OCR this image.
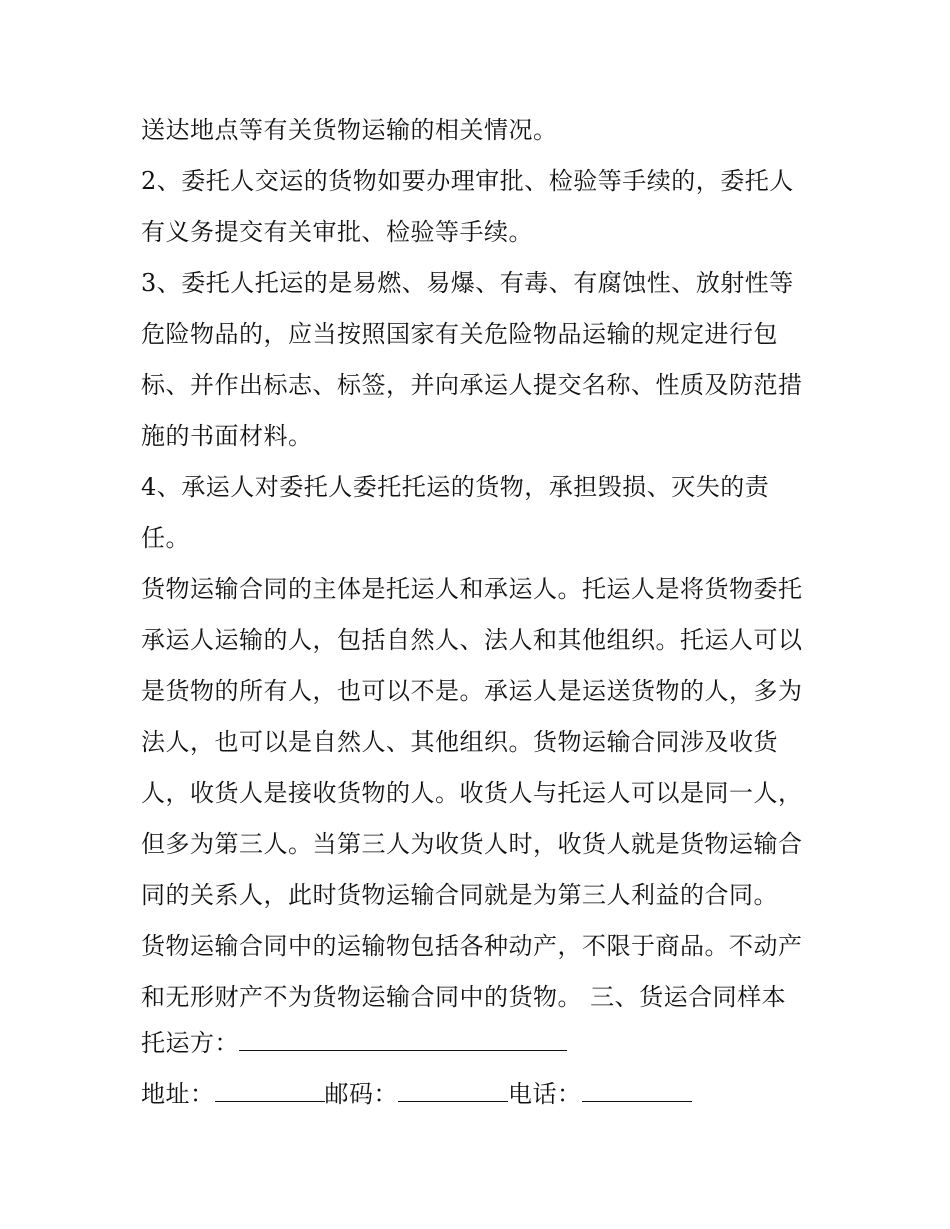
送达地点等有关货物运输的相关情况。
2、委托人交运的货物如要办理审批、检验等手续的，委托人
有义务提交有关审批、检验等手续。
3、委托人托运的是易燃、易爆、有毒、有腐蚀性、放射性等
危险物品的，应当按照国家有关危险物品运输的规定进行包
标、并作出标志、标签，并向承运人提交名称、性质及防范措
施的书面材料。
4、承运人对委托人委托托运的货物，承担毁损、灭失的责
任。
货物运输合同的主体是托运人和承运人。托运人是将货物委托
承运人运输的人，包括自然人、法人和其他组织。托运人可以
是货物的所有人，也可以不是。承运人是运送货物的人，多为
法人，也可以是自然人、其他组织。货物运输合同涉及收货
人，收货人是接收货物的人。收货人与托运人可以是同一人，
但多为第三人。当第三人为收货人时，收货人就是货物运输合
同的关系人，此时货物运输合同就是为第三人利益的合同。
货物运输合同中的运输物包括各种动产，不限于商品。不动产
和无形财产不为货物运输合同中的货物。 三、货运合同样本
托运方：
地址：	邮码：	电话：
